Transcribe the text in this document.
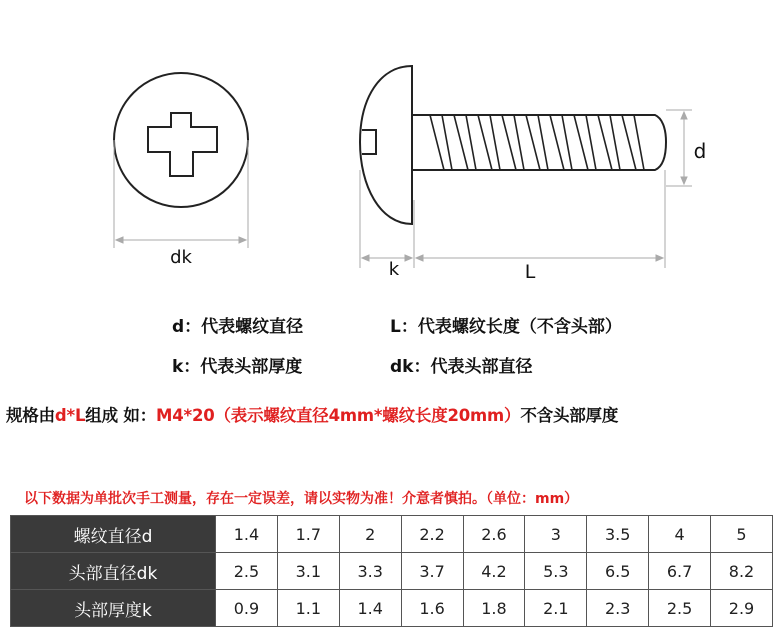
dk
k	L
d
d：代表螺纹直径	L：代表螺纹长度（不含头部）
k：代表头部厚度	dk：代表头部直径
规格由d*L组成 如：M4*20（表示螺纹直径4mm*螺纹长度20mm）不含头部厚度
以下数据为单批次手工测量，存在一定误差，请以实物为准！介意者慎拍。（单位：mm）
螺纹直径d	1.4	1.7	2	2.2	2.6	3	3.5	4	5
头部直径dk	2.5	3.1	3.3	3.7	4.2	5.3	6.5	6.7	8.2
头部厚度k	0.9	1.1	1.4	1.6	1.8	2.1	2.3	2.5	2.9
